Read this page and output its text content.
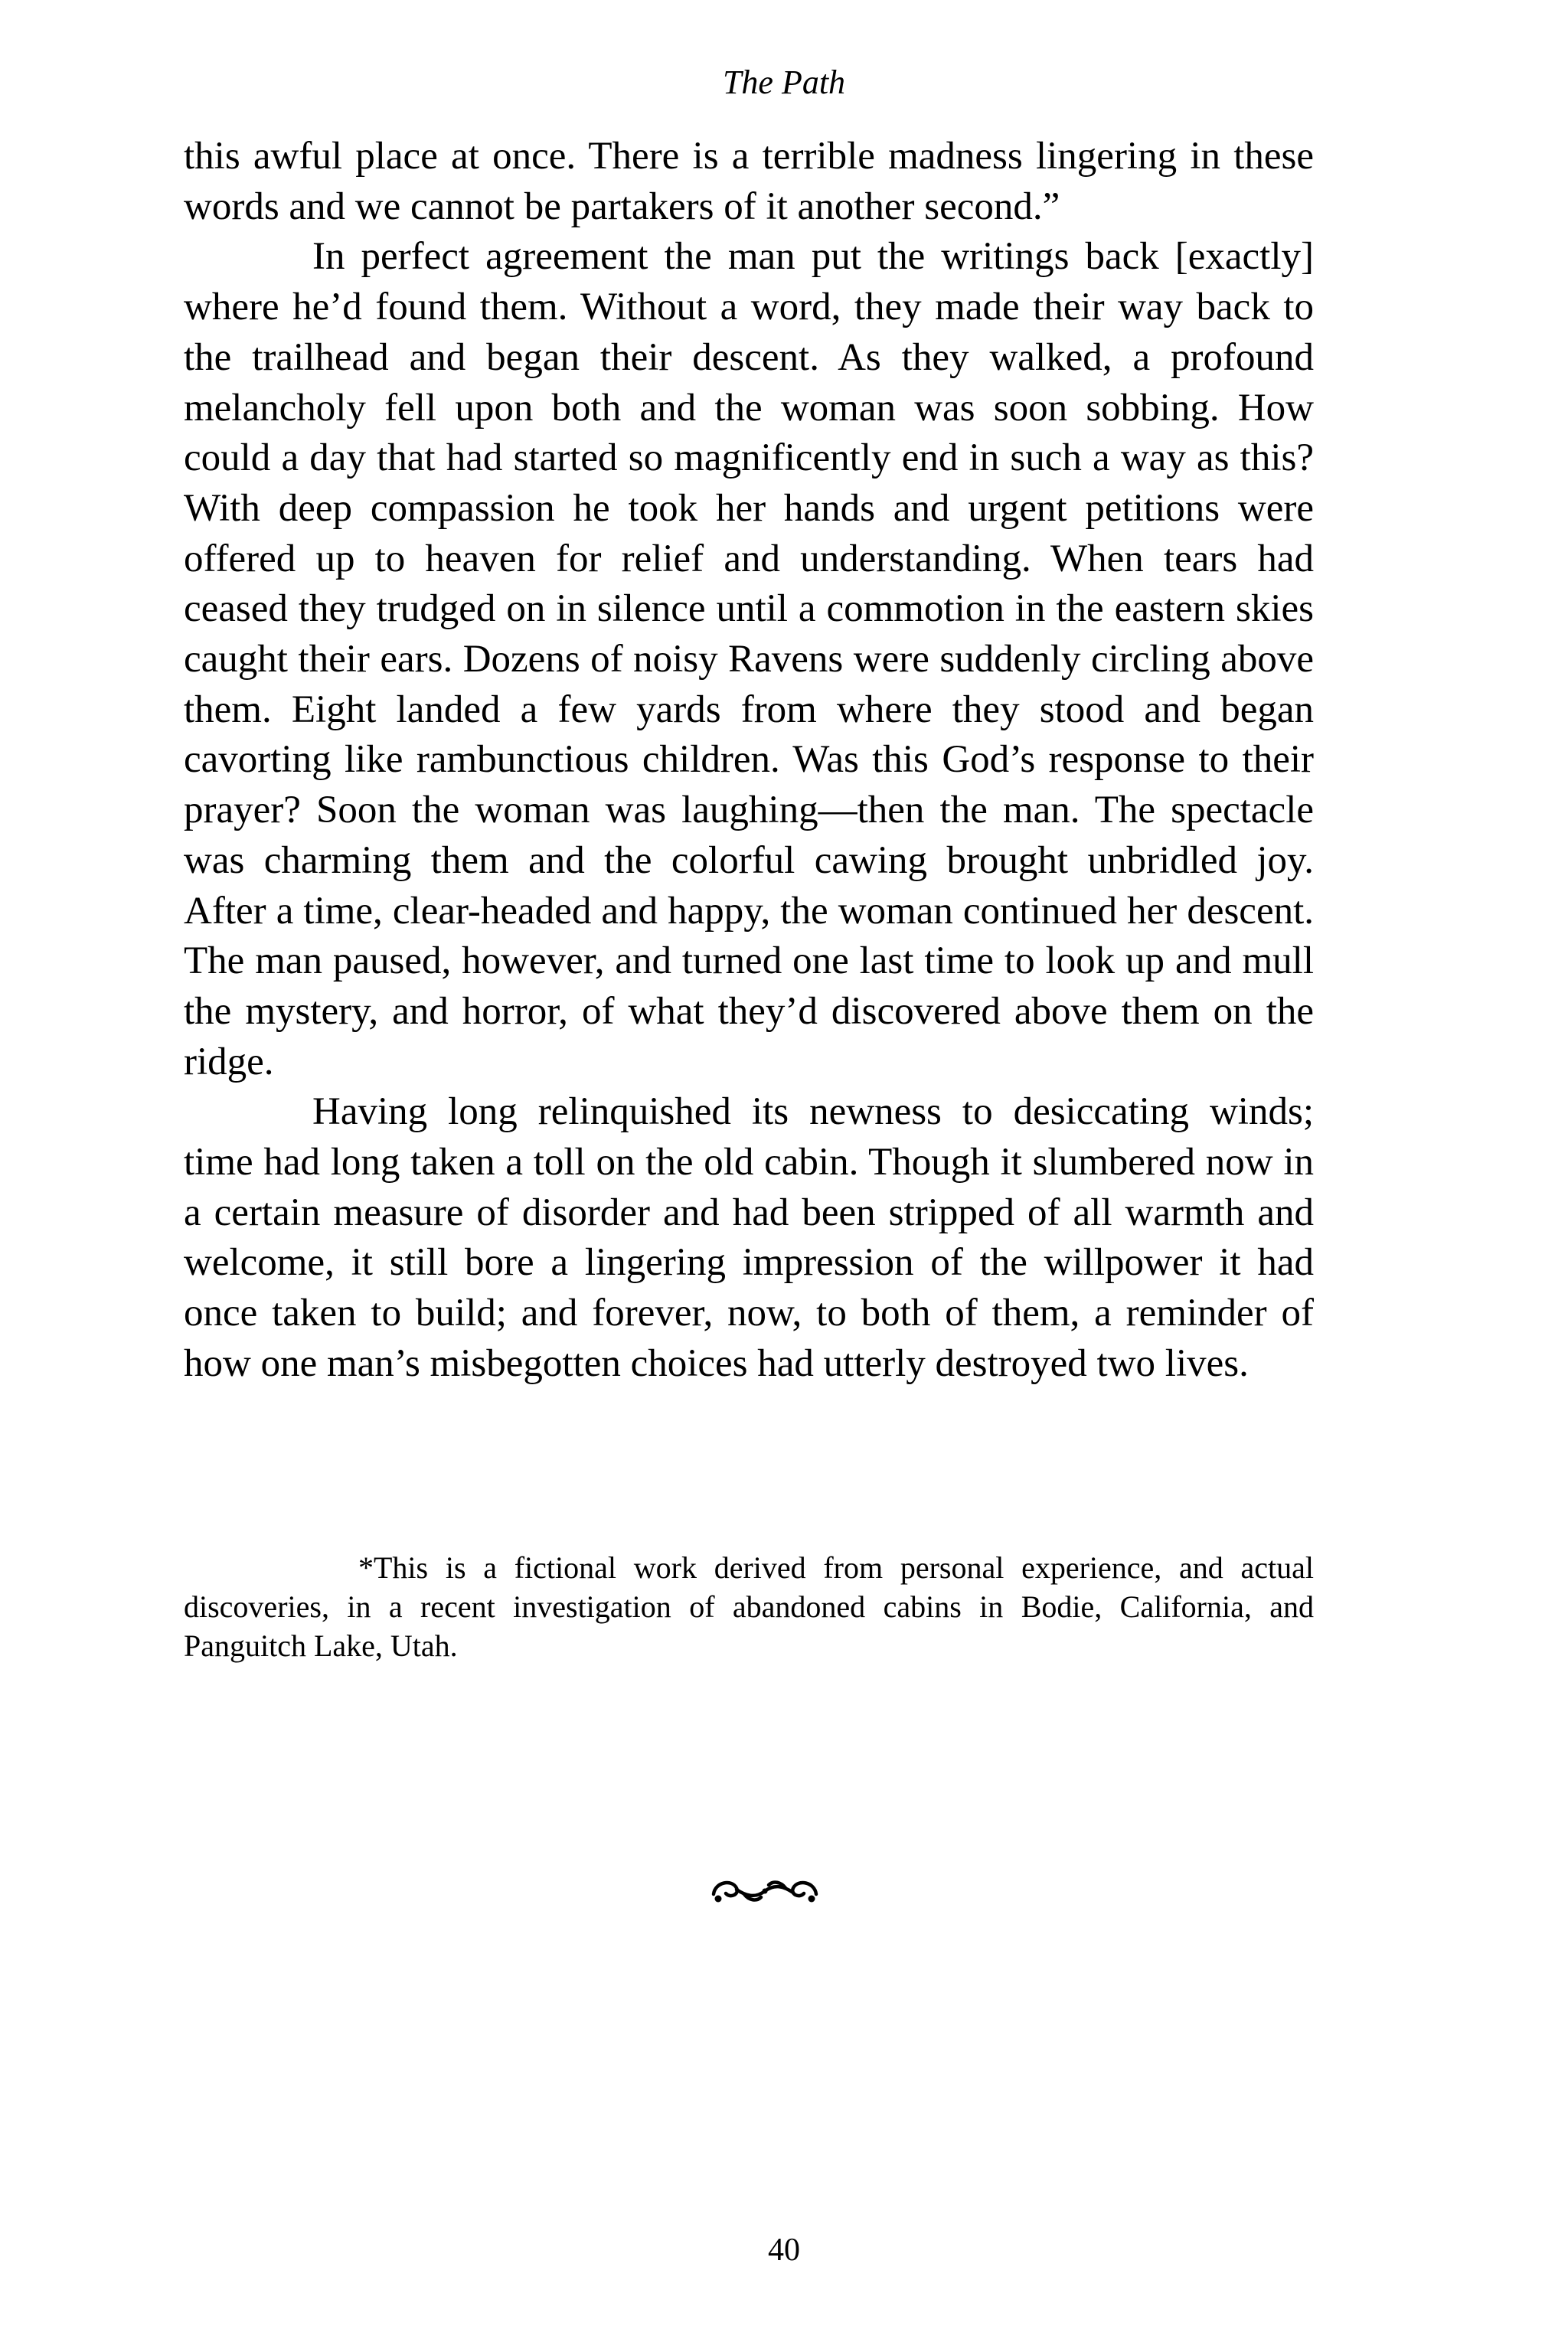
The Path

this awful place at once. There is a terrible madness lingering in these words and we cannot be partakers of it another second.”

In perfect agreement the man put the writings back [exactly] where he’d found them. Without a word, they made their way back to the trailhead and began their descent. As they walked, a profound melancholy fell upon both and the woman was soon sobbing. How could a day that had started so magnificently end in such a way as this? With deep compassion he took her hands and urgent petitions were offered up to heaven for relief and understanding. When tears had ceased they trudged on in silence until a commotion in the eastern skies caught their ears. Dozens of noisy Ravens were suddenly circling above them. Eight landed a few yards from where they stood and began cavorting like rambunctious children. Was this God’s response to their prayer? Soon the woman was laughing—then the man. The spectacle was charming them and the colorful cawing brought unbridled joy. After a time, clear-headed and happy, the woman continued her descent. The man paused, however, and turned one last time to look up and mull the mystery, and horror, of what they’d discovered above them on the ridge.

Having long relinquished its newness to desiccating winds; time had long taken a toll on the old cabin. Though it slumbered now in a certain measure of disorder and had been stripped of all warmth and welcome, it still bore a lingering impression of the willpower it had once taken to build; and forever, now, to both of them, a reminder of how one man’s misbegotten choices had utterly destroyed two lives.

*This is a fictional work derived from personal experience, and actual discoveries, in a recent investigation of abandoned cabins in Bodie, California, and Panguitch Lake, Utah.

40
